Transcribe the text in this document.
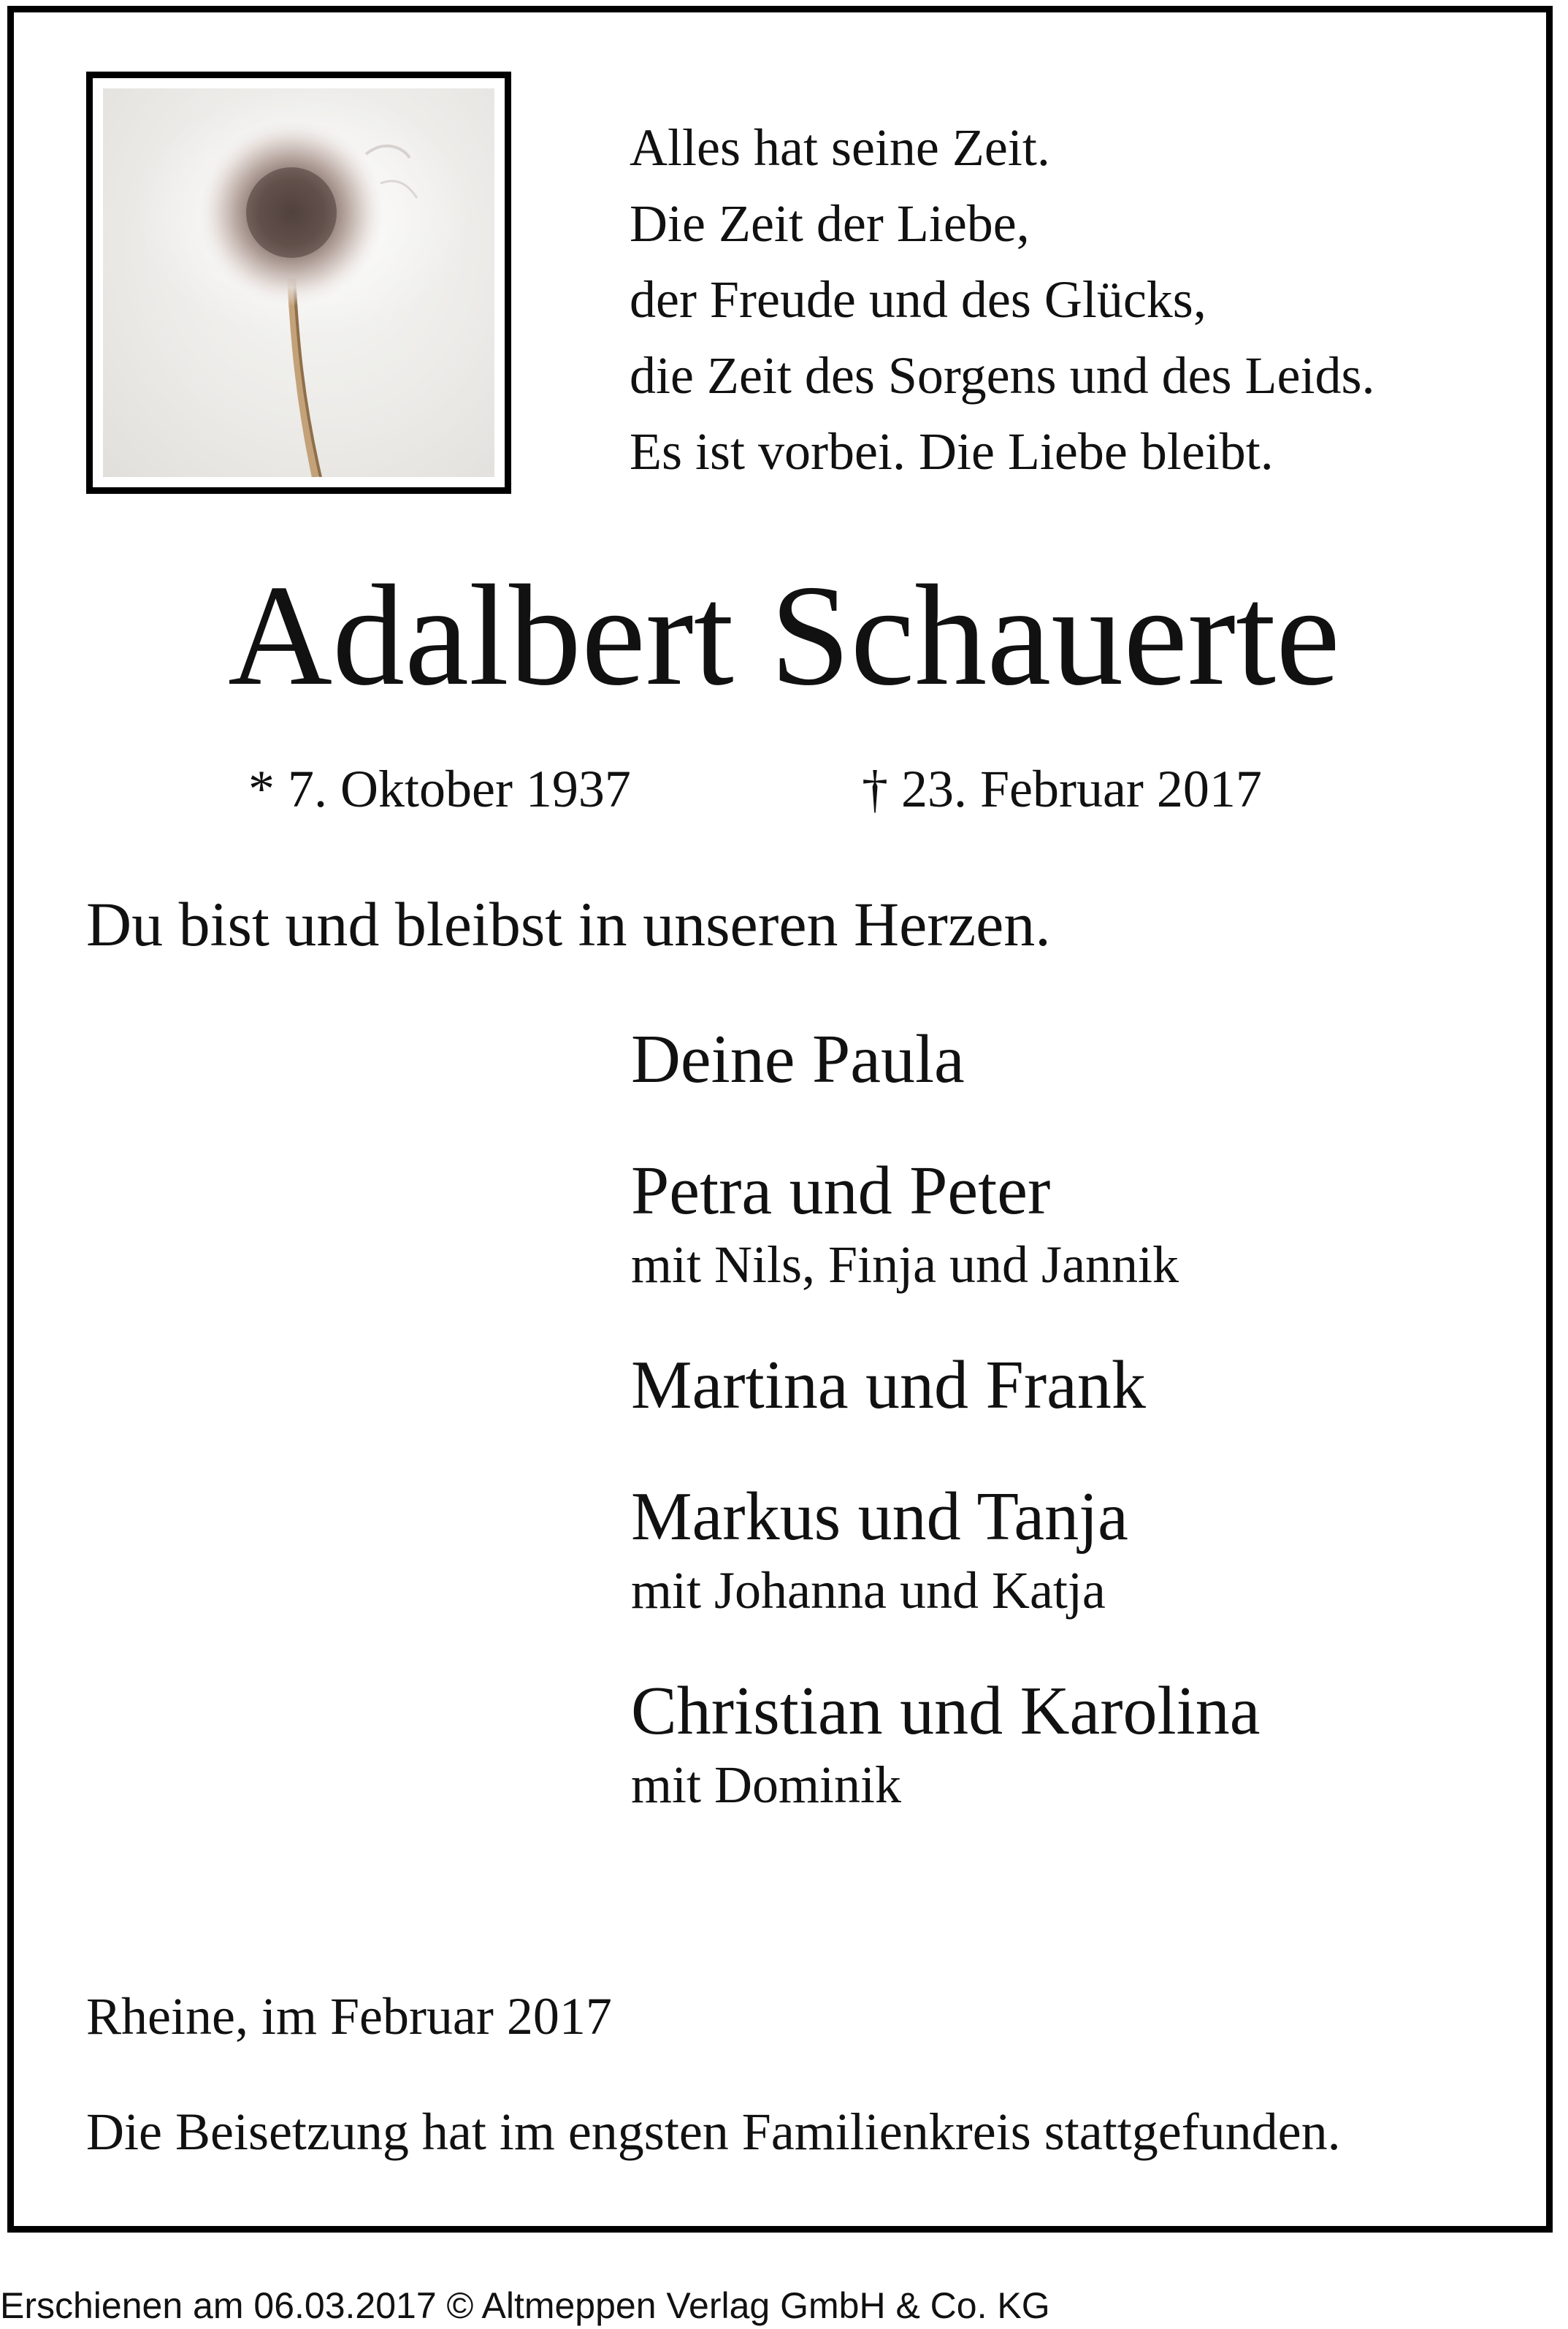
Alles hat seine Zeit.
Die Zeit der Liebe,
der Freude und des Glücks,
die Zeit des Sorgens und des Leids.
Es ist vorbei. Die Liebe bleibt.
Adalbert Schauerte
* 7. Oktober 1937	† 23. Februar 2017
Du bist und bleibst in unseren Herzen.
Deine Paula
Petra und Peter
mit Nils, Finja und Jannik
Martina und Frank
Markus und Tanja
mit Johanna und Katja
Christian und Karolina
mit Dominik
Rheine, im Februar 2017
Die Beisetzung hat im engsten Familienkreis stattgefunden.
Erschienen am 06.03.2017 © Altmeppen Verlag GmbH & Co. KG
